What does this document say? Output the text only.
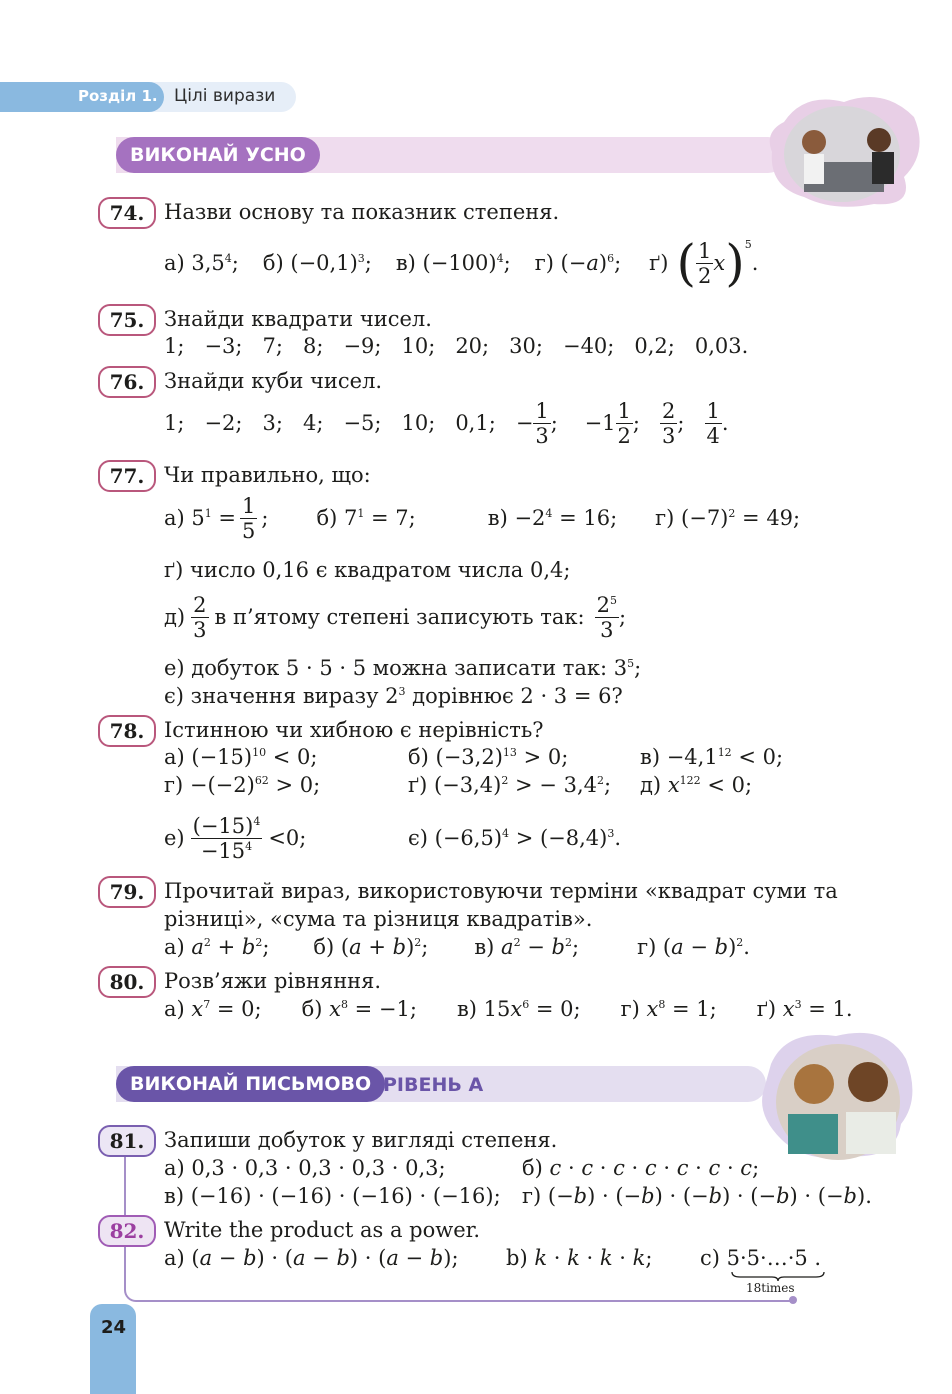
Розділ 1. Цілі вирази
ВИКОНАЙ УСНО
74. Назви основу та показник степеня.
а) $3,5^4$; б) $(-0,1)^3$; в) $(-100)^4$; г) $(-a)^6$; ґ) ( $\frac{1}{2}$ x )$^5$
.
75. Знайди квадрати чисел.
1;   −3;   7;   8;   −9;   10;   20;   30;   −40;   0,2;   0,03.
76. Знайди куби чисел.
1;   −2;   3;   4;   −5;   10;   0,1;   − $\frac{1}{3}$ ;    $-1 \frac{1}{2}$ ; $\frac{2}{3}$ ; $\frac{1}{4}$ .
77. Чи правильно, що:
а) $5^1 = \frac{1}{5}$ ; б) $7^1 = 7$;	$в) -2^4 = 16$; г) $(-7)^2 = 49$;
ґ) число 0,16 є квадратом числа 0,4;
$д) \frac{2}{3}$ в п’ятому степені записують так: $\frac{2^5}{3}$ ;
е) добуток 5 · 5 · 5 можна записати так: $3^5$;
є) значення виразу $2^3$ дорівнює 2 · 3 = 6?
78. Істинною чи хибною є нерівність?
а) $(-15)^{10} < 0$;	б) $(-3,2)^{13} > 0$;	$в) -4,1^{12} < 0$;
$г) -(-2)^{62} > 0$;	ґ) $(-3,4)^2$ > − $3,4^2$; д) $x^{122} < 0$;
$е) \frac{(-15)^4}{-15^4} <0$;	є) $(-6,5)^4 > (-8,4)^3$.
79. Прочитай вираз, використовуючи терміни «квадрат суми та
різниці», «сума та різниця квадратів».
а) $a^2 + b^2$; б) $(a + b)^2$; в) $a^2 - b^2$;	г) $(a - b)^2$.
80. Розв’яжи рівняння.
а) $x^7 = 0$; б) $x^8 = -1$; в) $15x^6 = 0$; г) $x^8 = 1$; ґ) $x^3 = 1$.
ВИКОНАЙ ПИСЬМОВО РІВЕНЬ А
81. Запиши добуток у вигляді степеня.
а) 0,3 · 0,3 · 0,3 · 0,3 · 0,3;	б) c · c · c · c · c · c · c;
в) (−16) · (−16) · (−16) · (−16); г) (−b) · (−b) · (−b) · (−b) · (−b).
82. Write the product as a power.
а) (a − b) · (a − b) · (a − b); b) k · k · k · k; c) 5·5·…·5 .
18times
24
